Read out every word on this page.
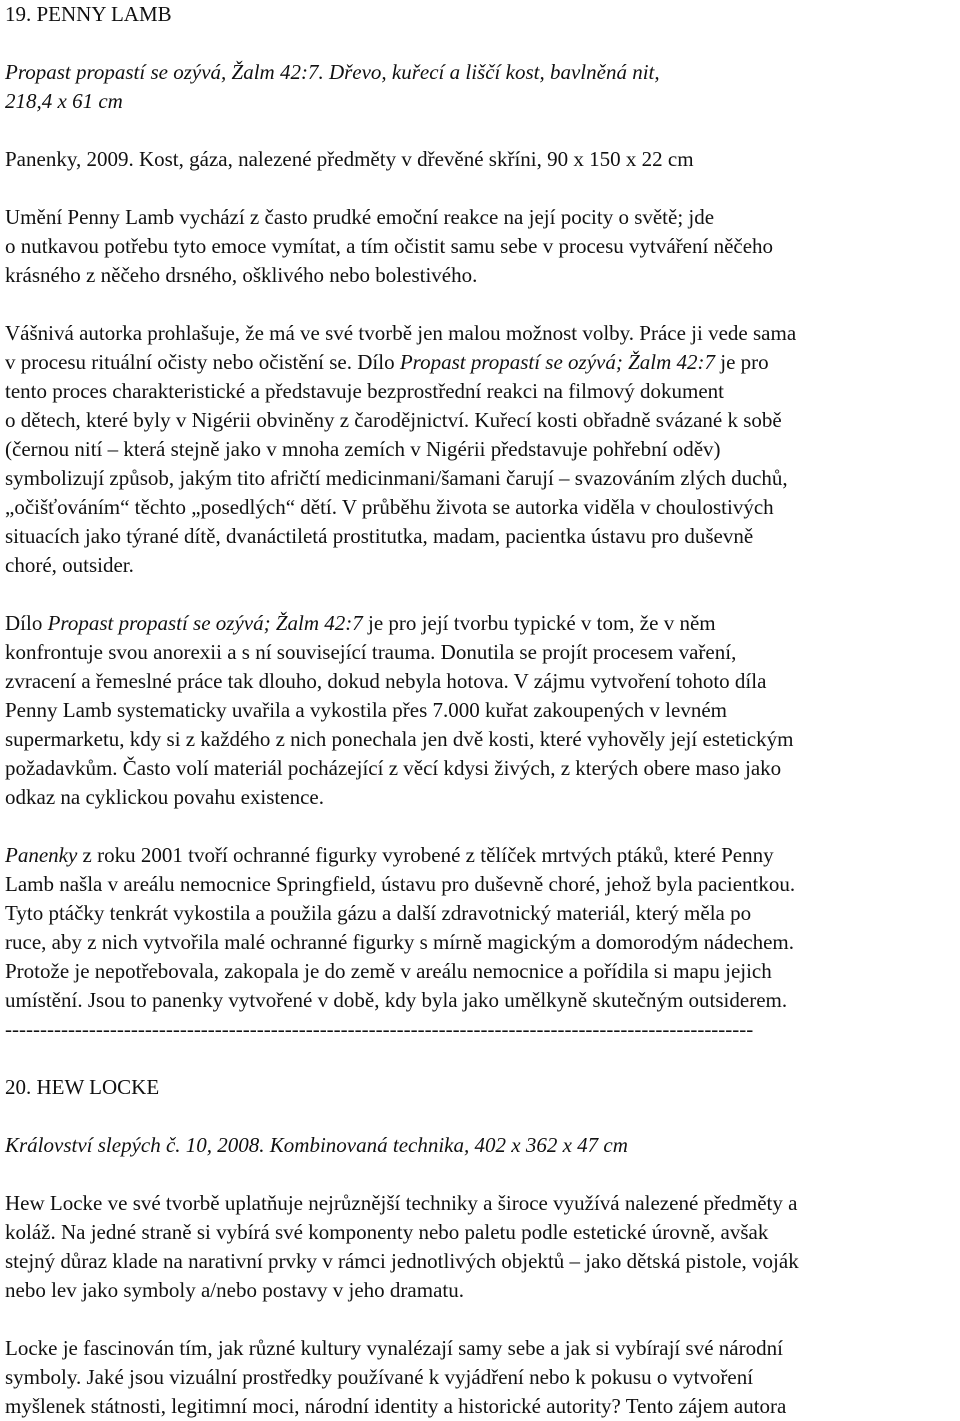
19. PENNY LAMB
Propast propastí se ozývá, Žalm 42:7. Dřevo, kuřecí a liščí kost, bavlněná nit,
218,4 x 61 cm
Panenky, 2009. Kost, gáza, nalezené předměty v dřevěné skříni, 90 x 150 x 22 cm
Umění Penny Lamb vychází z často prudké emoční reakce na její pocity o světě; jde
o nutkavou potřebu tyto emoce vymítat, a tím očistit samu sebe v procesu vytváření něčeho
krásného z něčeho drsného, ošklivého nebo bolestivého.
Vášnivá autorka prohlašuje, že má ve své tvorbě jen malou možnost volby. Práce ji vede sama
v procesu rituální očisty nebo očistění se. Dílo Propast propastí se ozývá; Žalm 42:7 je pro
tento proces charakteristické a představuje bezprostřední reakci na filmový dokument
o dětech, které byly v Nigérii obviněny z čarodějnictví. Kuřecí kosti obřadně svázané k sobě
(černou nití – která stejně jako v mnoha zemích v Nigérii představuje pohřební oděv)
symbolizují způsob, jakým tito afričtí medicinmani/šamani čarují – svazováním zlých duchů,
„očišťováním“ těchto „posedlých“ dětí. V průběhu života se autorka viděla v choulostivých
situacích jako týrané dítě, dvanáctiletá prostitutka, madam, pacientka ústavu pro duševně
choré, outsider.
Dílo Propast propastí se ozývá; Žalm 42:7 je pro její tvorbu typické v tom, že v něm
konfrontuje svou anorexii a s ní související trauma. Donutila se projít procesem vaření,
zvracení a řemeslné práce tak dlouho, dokud nebyla hotova. V zájmu vytvoření tohoto díla
Penny Lamb systematicky uvařila a vykostila přes 7.000 kuřat zakoupených v levném
supermarketu, kdy si z každého z nich ponechala jen dvě kosti, které vyhověly její estetickým
požadavkům. Často volí materiál pocházející z věcí kdysi živých, z kterých obere maso jako
odkaz na cyklickou povahu existence.
Panenky z roku 2001 tvoří ochranné figurky vyrobené z tělíček mrtvých ptáků, které Penny
Lamb našla v areálu nemocnice Springfield, ústavu pro duševně choré, jehož byla pacientkou.
Tyto ptáčky tenkrát vykostila a použila gázu a další zdravotnický materiál, který měla po
ruce, aby z nich vytvořila malé ochranné figurky s mírně magickým a domorodým nádechem.
Protože je nepotřebovala, zakopala je do země v areálu nemocnice a pořídila si mapu jejich
umístění. Jsou to panenky vytvořené v době, kdy byla jako umělkyně skutečným outsiderem.
-----------------------------------------------------------------------------------------------------------
20. HEW LOCKE
Království slepých č. 10, 2008. Kombinovaná technika, 402 x 362 x 47 cm
Hew Locke ve své tvorbě uplatňuje nejrůznější techniky a široce využívá nalezené předměty a
koláž. Na jedné straně si vybírá své komponenty nebo paletu podle estetické úrovně, avšak
stejný důraz klade na narativní prvky v rámci jednotlivých objektů – jako dětská pistole, voják
nebo lev jako symboly a/nebo postavy v jeho dramatu.
Locke je fascinován tím, jak různé kultury vynalézají samy sebe a jak si vybírají své národní
symboly. Jaké jsou vizuální prostředky používané k vyjádření nebo k pokusu o vytvoření
myšlenek státnosti, legitimní moci, národní identity a historické autority? Tento zájem autora
